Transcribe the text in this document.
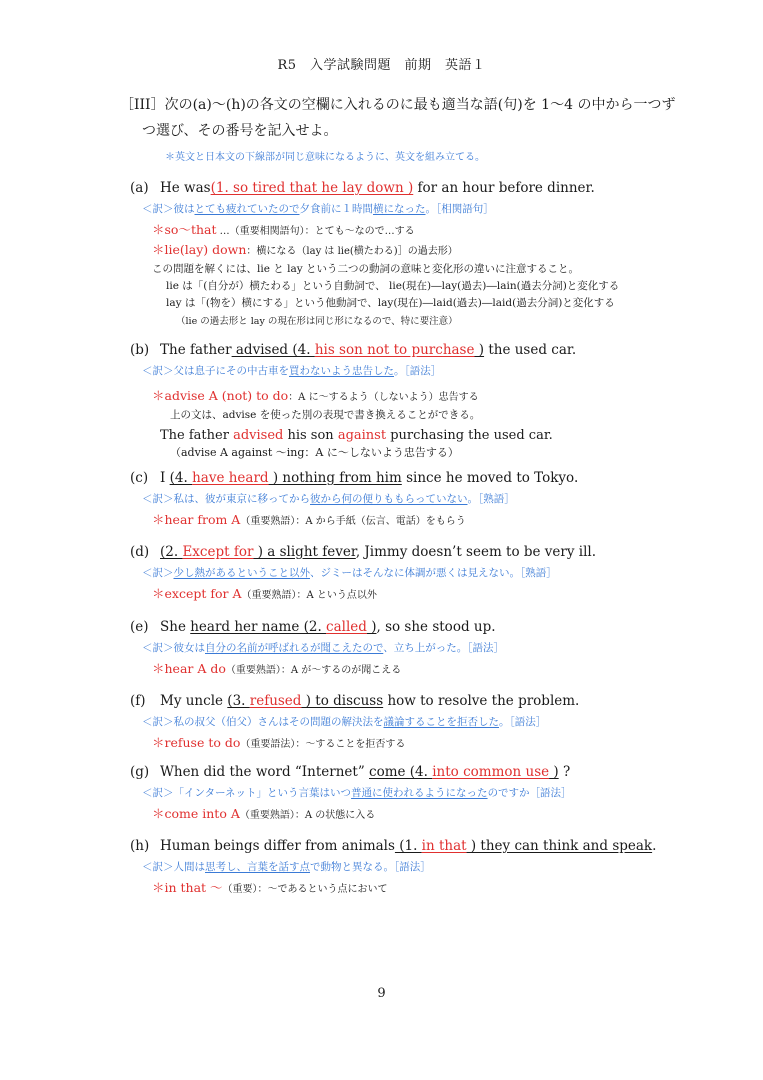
R5　入学試験問題　前期　英語１
［III］次の(a)～(h)の各文の空欄に入れるのに最も適当な語(句)を 1～4 の中から一つず
つ選び、その番号を記入せよ。
＊英文と日本文の下線部が同じ意味になるように、英文を組み立てる。
(a) He was(1. so tired that he lay down ) for an hour before dinner.
＜訳＞彼はとても疲れていたので夕食前に１時間横になった。［相関語句］
＊so～that …（重要相関語句）：とても～なので…する
＊lie(lay) down：横になる（lay は lie(横たわる)］の過去形）
この問題を解くには、lie と lay という二つの動詞の意味と変化形の違いに注意すること。
lie は「(自分が）横たわる」という自動詞で、 lie(現在)―lay(過去)―lain(過去分詞)と変化する
lay は「(物を）横にする」という他動詞で、lay(現在)―laid(過去)―laid(過去分詞)と変化する
（lie の過去形と lay の現在形は同じ形になるので、特に要注意）
(b) The father advised (4. his son not to purchase ) the used car.
＜訳＞父は息子にその中古車を買わないよう忠告した。［語法］
＊advise A (not) to do：A に～するよう（しないよう）忠告する
上の文は、advise を使った別の表現で書き換えることができる。
The father advised his son against purchasing the used car.
（advise A against ～ing：A に～しないよう忠告する）
(c) I (4. have heard ) nothing from him since he moved to Tokyo.
＜訳＞私は、彼が東京に移ってから彼から何の便りももらっていない。［熟語］
＊hear from A（重要熟語）：A から手紙（伝言、電話）をもらう
(d) (2. Except for ) a slight fever, Jimmy doesn’t seem to be very ill.
＜訳＞少し熱があるということ以外、ジミーはそんなに体調が悪くは見えない。［熟語］
＊except for A（重要熟語）：A という点以外
(e) She heard her name (2. called ), so she stood up.
＜訳＞彼女は自分の名前が呼ばれるが聞こえたので、立ち上がった。［語法］
＊hear A do（重要熟語）：A が～するのが聞こえる
(f) My uncle (3. refused ) to discuss how to resolve the problem.
＜訳＞私の叔父（伯父）さんはその問題の解決法を議論することを拒否した。［語法］
＊refuse to do（重要語法）：～することを拒否する
(g) When did the word “Internet” come (4. into common use ) ?
＜訳＞「インターネット」という言葉はいつ普通に使われるようになったのですか［語法］
＊come into A（重要熟語）：A の状態に入る
(h) Human beings differ from animals (1. in that ) they can think and speak.
＜訳＞人間は思考し、言葉を話す点で動物と異なる。［語法］
＊in that ～（重要）：～であるという点において
9
